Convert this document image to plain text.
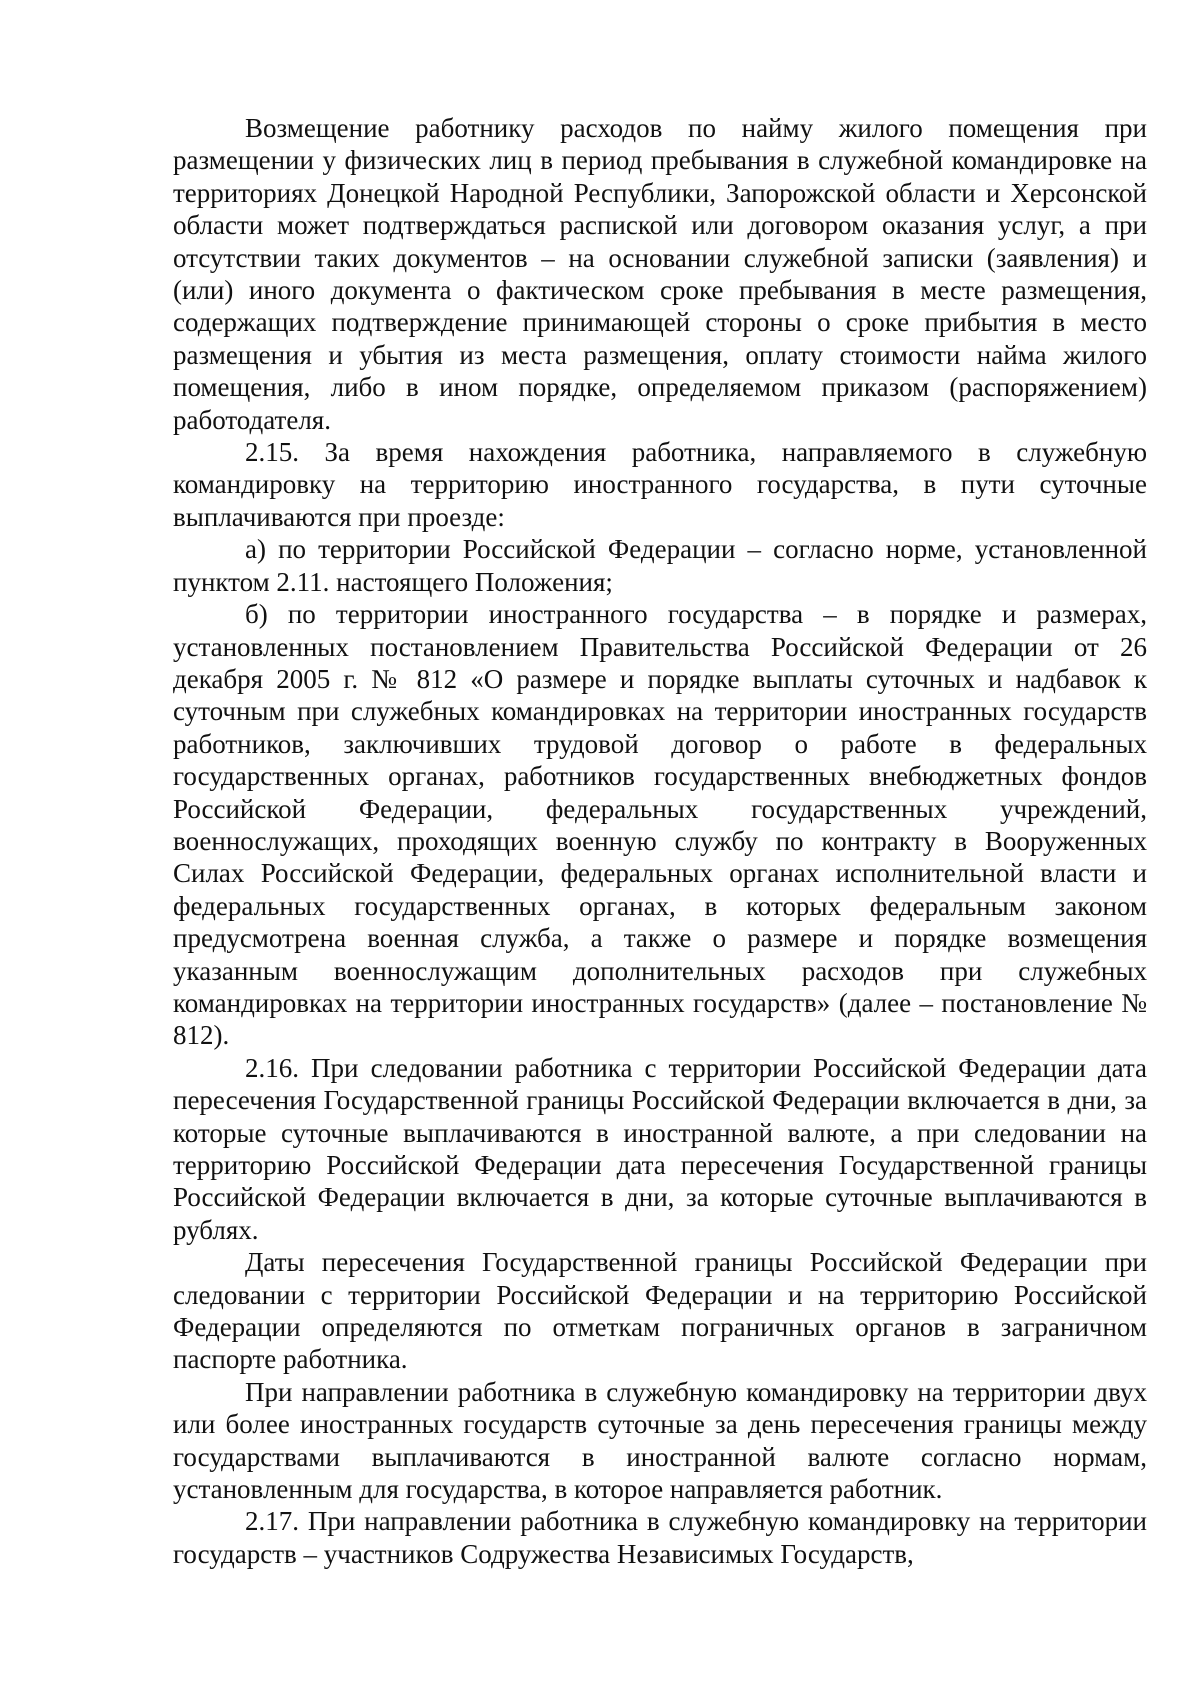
Возмещение работнику расходов по найму жилого помещения при размещении у физических лиц в период пребывания в служебной командировке на территориях Донецкой Народной Республики, Запорожской области и Херсонской области может подтверждаться распиской или договором оказания услуг, а при отсутствии таких документов – на основании служебной записки (заявления) и (или) иного документа о фактическом сроке пребывания в месте размещения, содержащих подтверждение принимающей стороны о сроке прибытия в место размещения и убытия из места размещения, оплату стоимости найма жилого помещения, либо в ином порядке, определяемом приказом (распоряжением) работодателя.

2.15. За время нахождения работника, направляемого в служебную командировку на территорию иностранного государства, в пути суточные выплачиваются при проезде:

а) по территории Российской Федерации – согласно норме, установленной пунктом 2.11. настоящего Положения;

б) по территории иностранного государства – в порядке и размерах, установленных постановлением Правительства Российской Федерации от 26 декабря 2005 г. № 812 «О размере и порядке выплаты суточных и надбавок к суточным при служебных командировках на территории иностранных государств работников, заключивших трудовой договор о работе в федеральных государственных органах, работников государственных внебюджетных фондов Российской Федерации, федеральных государственных учреждений, военнослужащих, проходящих военную службу по контракту в Вооруженных Силах Российской Федерации, федеральных органах исполнительной власти и федеральных государственных органах, в которых федеральным законом предусмотрена военная служба, а также о размере и порядке возмещения указанным военнослужащим дополнительных расходов при служебных командировках на территории иностранных государств» (далее – постановление № 812).

2.16. При следовании работника с территории Российской Федерации дата пересечения Государственной границы Российской Федерации включается в дни, за которые суточные выплачиваются в иностранной валюте, а при следовании на территорию Российской Федерации дата пересечения Государственной границы Российской Федерации включается в дни, за которые суточные выплачиваются в рублях.

Даты пересечения Государственной границы Российской Федерации при следовании с территории Российской Федерации и на территорию Российской Федерации определяются по отметкам пограничных органов в заграничном паспорте работника.

При направлении работника в служебную командировку на территории двух или более иностранных государств суточные за день пересечения границы между государствами выплачиваются в иностранной валюте согласно нормам, установленным для государства, в которое направляется работник.

2.17. При направлении работника в служебную командировку на территории государств – участников Содружества Независимых Государств,
